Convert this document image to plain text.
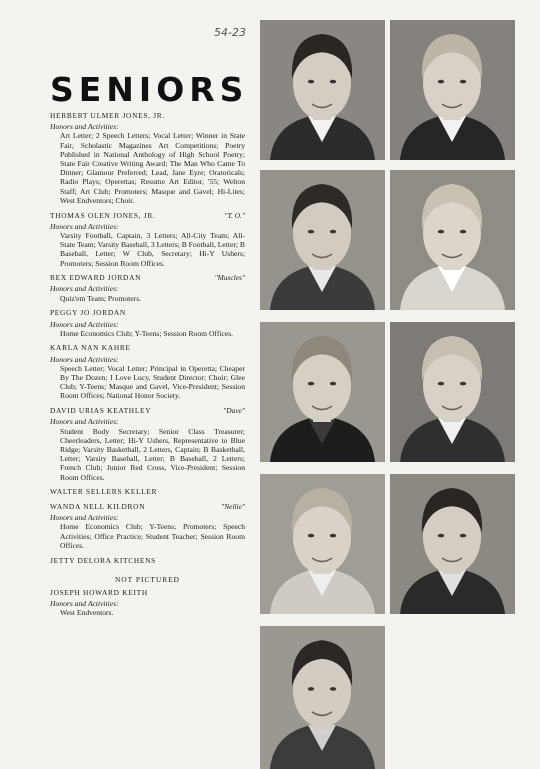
54-23
SENIORS
HERBERT ULMER JONES, JR.
Honors and Activities:
Art Letter; 2 Speech Letters; Vocal Letter; Winner in State Fair, Scholastic Magazines Art Competitions; Poetry Published in National Anthology of High School Poetry; State Fair Creative Writing Award; The Man Who Came To Dinner; Glamour Preferred; Lead, Jane Eyre; Oratoricals; Radio Plays; Operettas; Resume Art Editor, '55; Welton Staff; Art Club; Promoters; Masque and Gavel; Hi-Lites; West Endventors; Choir.
THOMAS OLEN JONES, JR.	"T. O."
Honors and Activities:
Varsity Football, Captain, 3 Letters; All-City Team; All-State Team; Varsity Baseball, 3 Letters; B Football, Letter; B Baseball, Letter; W Club, Secretary; Hi-Y Ushers; Promoters; Session Room Offices.
REX EDWARD JORDAN	"Muscles"
Honors and Activities:
Quiz'em Team; Promoters.
PEGGY JO JORDAN
Honors and Activities:
Home Economics Club; Y-Teens; Session Room Offices.
KARLA NAN KAHRE
Honors and Activities:
Speech Letter; Vocal Letter; Principal in Operetta; Cheaper By The Dozen; I Love Lucy, Student Director; Choir; Glee Club; Y-Teens; Masque and Gavel, Vice-President; Session Room Offices; National Honor Society.
DAVID URIAS KEATHLEY	"Dave"
Honors and Activities:
Student Body Secretary; Senior Class Treasurer; Cheerleaders, Letter; Hi-Y Ushers, Representative to Blue Ridge; Varsity Basketball, 2 Letters, Captain; B Basketball, Letter; Varsity Baseball, Letter; B Baseball, 2 Letters; French Club; Junior Red Cross, Vice-President; Session Room Offices.
WALTER SELLERS KELLER
WANDA NELL KILDRON	"Nellie"
Honors and Activities:
Home Economics Club; Y-Teens; Promoters; Speech Activities; Office Practice; Student Teacher; Session Room Offices.
JETTY DELORA KITCHENS
NOT PICTURED
JOSEPH HOWARD KEITH
Honors and Activities:
West Endventors.
